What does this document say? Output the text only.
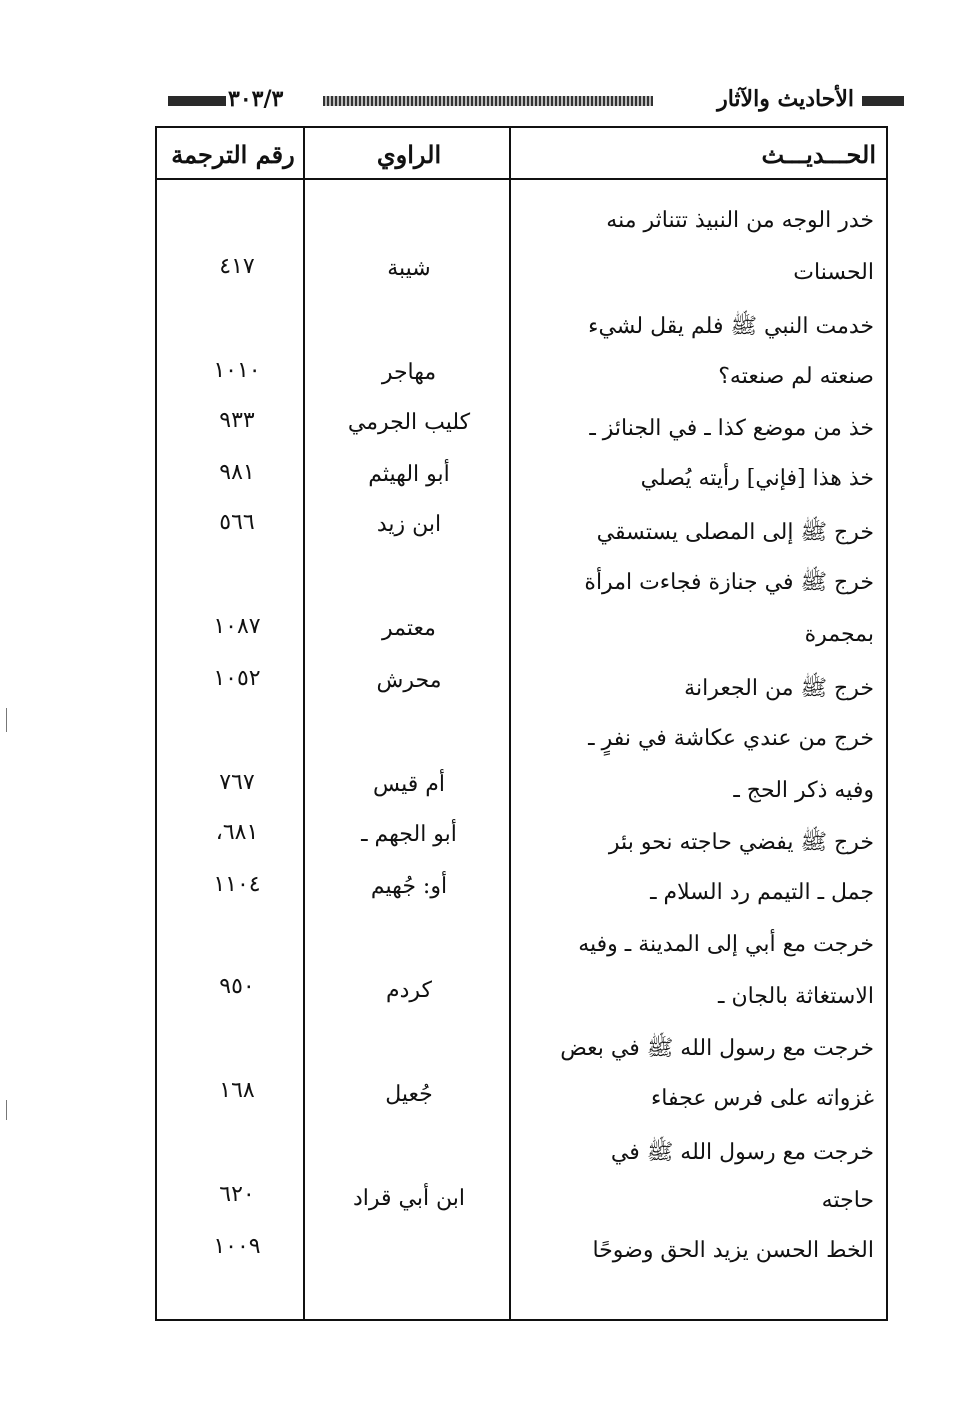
الأحاديث والآثار
٣٠٣/٣
الحـــديـــث
الراوي
رقم الترجمة
خدر الوجه من النبيذ تتناثر منه
الحسنات
شيبة
٤١٧
خدمت النبي ﷺ فلم يقل لشيء
صنعته لم صنعته؟
مهاجر
١٠١٠
خذ من موضع كذا ـ في الجنائز ـ
كليب الجرمي
٩٣٣
خذ هذا [فإني] رأيته يُصلي
أبو الهيثم
٩٨١
خرج ﷺ إلى المصلى يستسقي
ابن زيد
٥٦٦
خرج ﷺ في جنازة فجاءت امرأة
بمجمرة
معتمر
١٠٨٧
خرج ﷺ من الجعرانة
محرش
١٠٥٢
خرج من عندي عكاشة في نفرٍ ـ
وفيه ذكر الحج ـ
أم قيس
٧٦٧
خرج ﷺ يفضي حاجته نحو بئر
جمل ـ التيمم رد السلام ـ
أبو الجهم ـ
أو: جُهيم
٦٨١،
١١٠٤
خرجت مع أبي إلى المدينة ـ وفيه
الاستغاثة بالجان ـ
كردم
٩٥٠
خرجت مع رسول الله ﷺ في بعض
غزواته على فرس عجفاء
جُعيل
١٦٨
خرجت مع رسول الله ﷺ في
حاجته
ابن أبي قراد
٦٢٠
الخط الحسن يزيد الحق وضوحًا
١٠٠٩
